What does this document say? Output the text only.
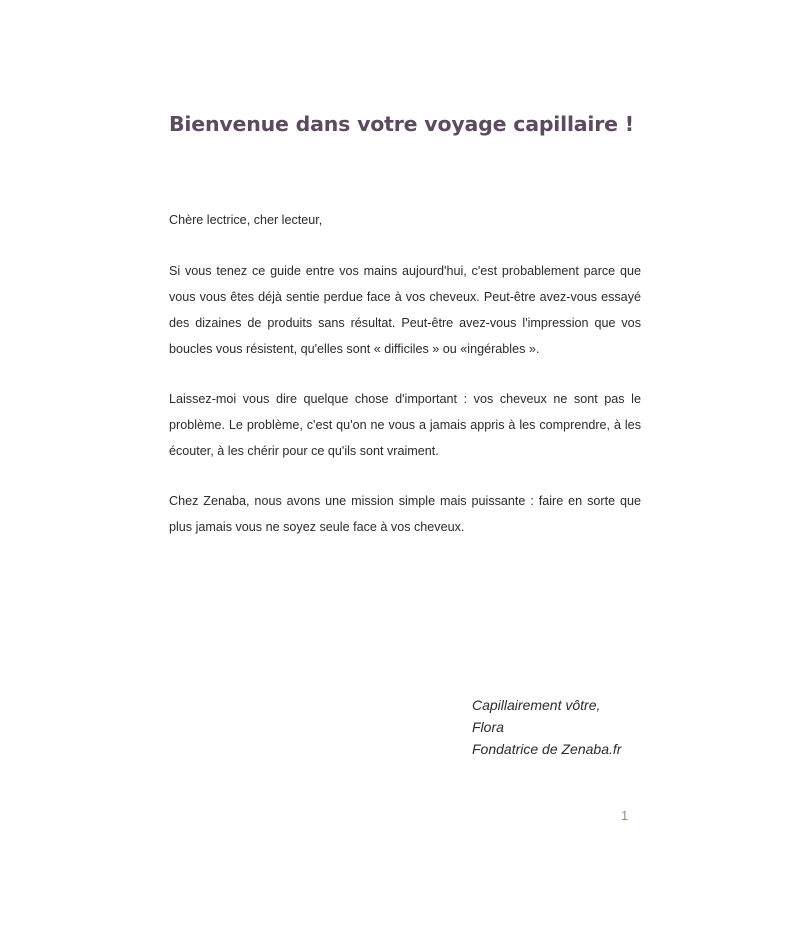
Bienvenue dans votre voyage capillaire !

Chère lectrice, cher lecteur,

Si vous tenez ce guide entre vos mains aujourd'hui, c'est probablement parce que vous vous êtes déjà sentie perdue face à vos cheveux. Peut-être avez-vous essayé des dizaines de produits sans résultat. Peut-être avez-vous l'impression que vos boucles vous résistent, qu'elles sont « difficiles » ou «ingérables ».

Laissez-moi vous dire quelque chose d'important : vos cheveux ne sont pas le problème. Le problème, c'est qu'on ne vous a jamais appris à les comprendre, à les écouter, à les chérir pour ce qu'ils sont vraiment.

Chez Zenaba, nous avons une mission simple mais puissante : faire en sorte que plus jamais vous ne soyez seule face à vos cheveux.

Capillairement vôtre,
Flora
Fondatrice de Zenaba.fr
1
